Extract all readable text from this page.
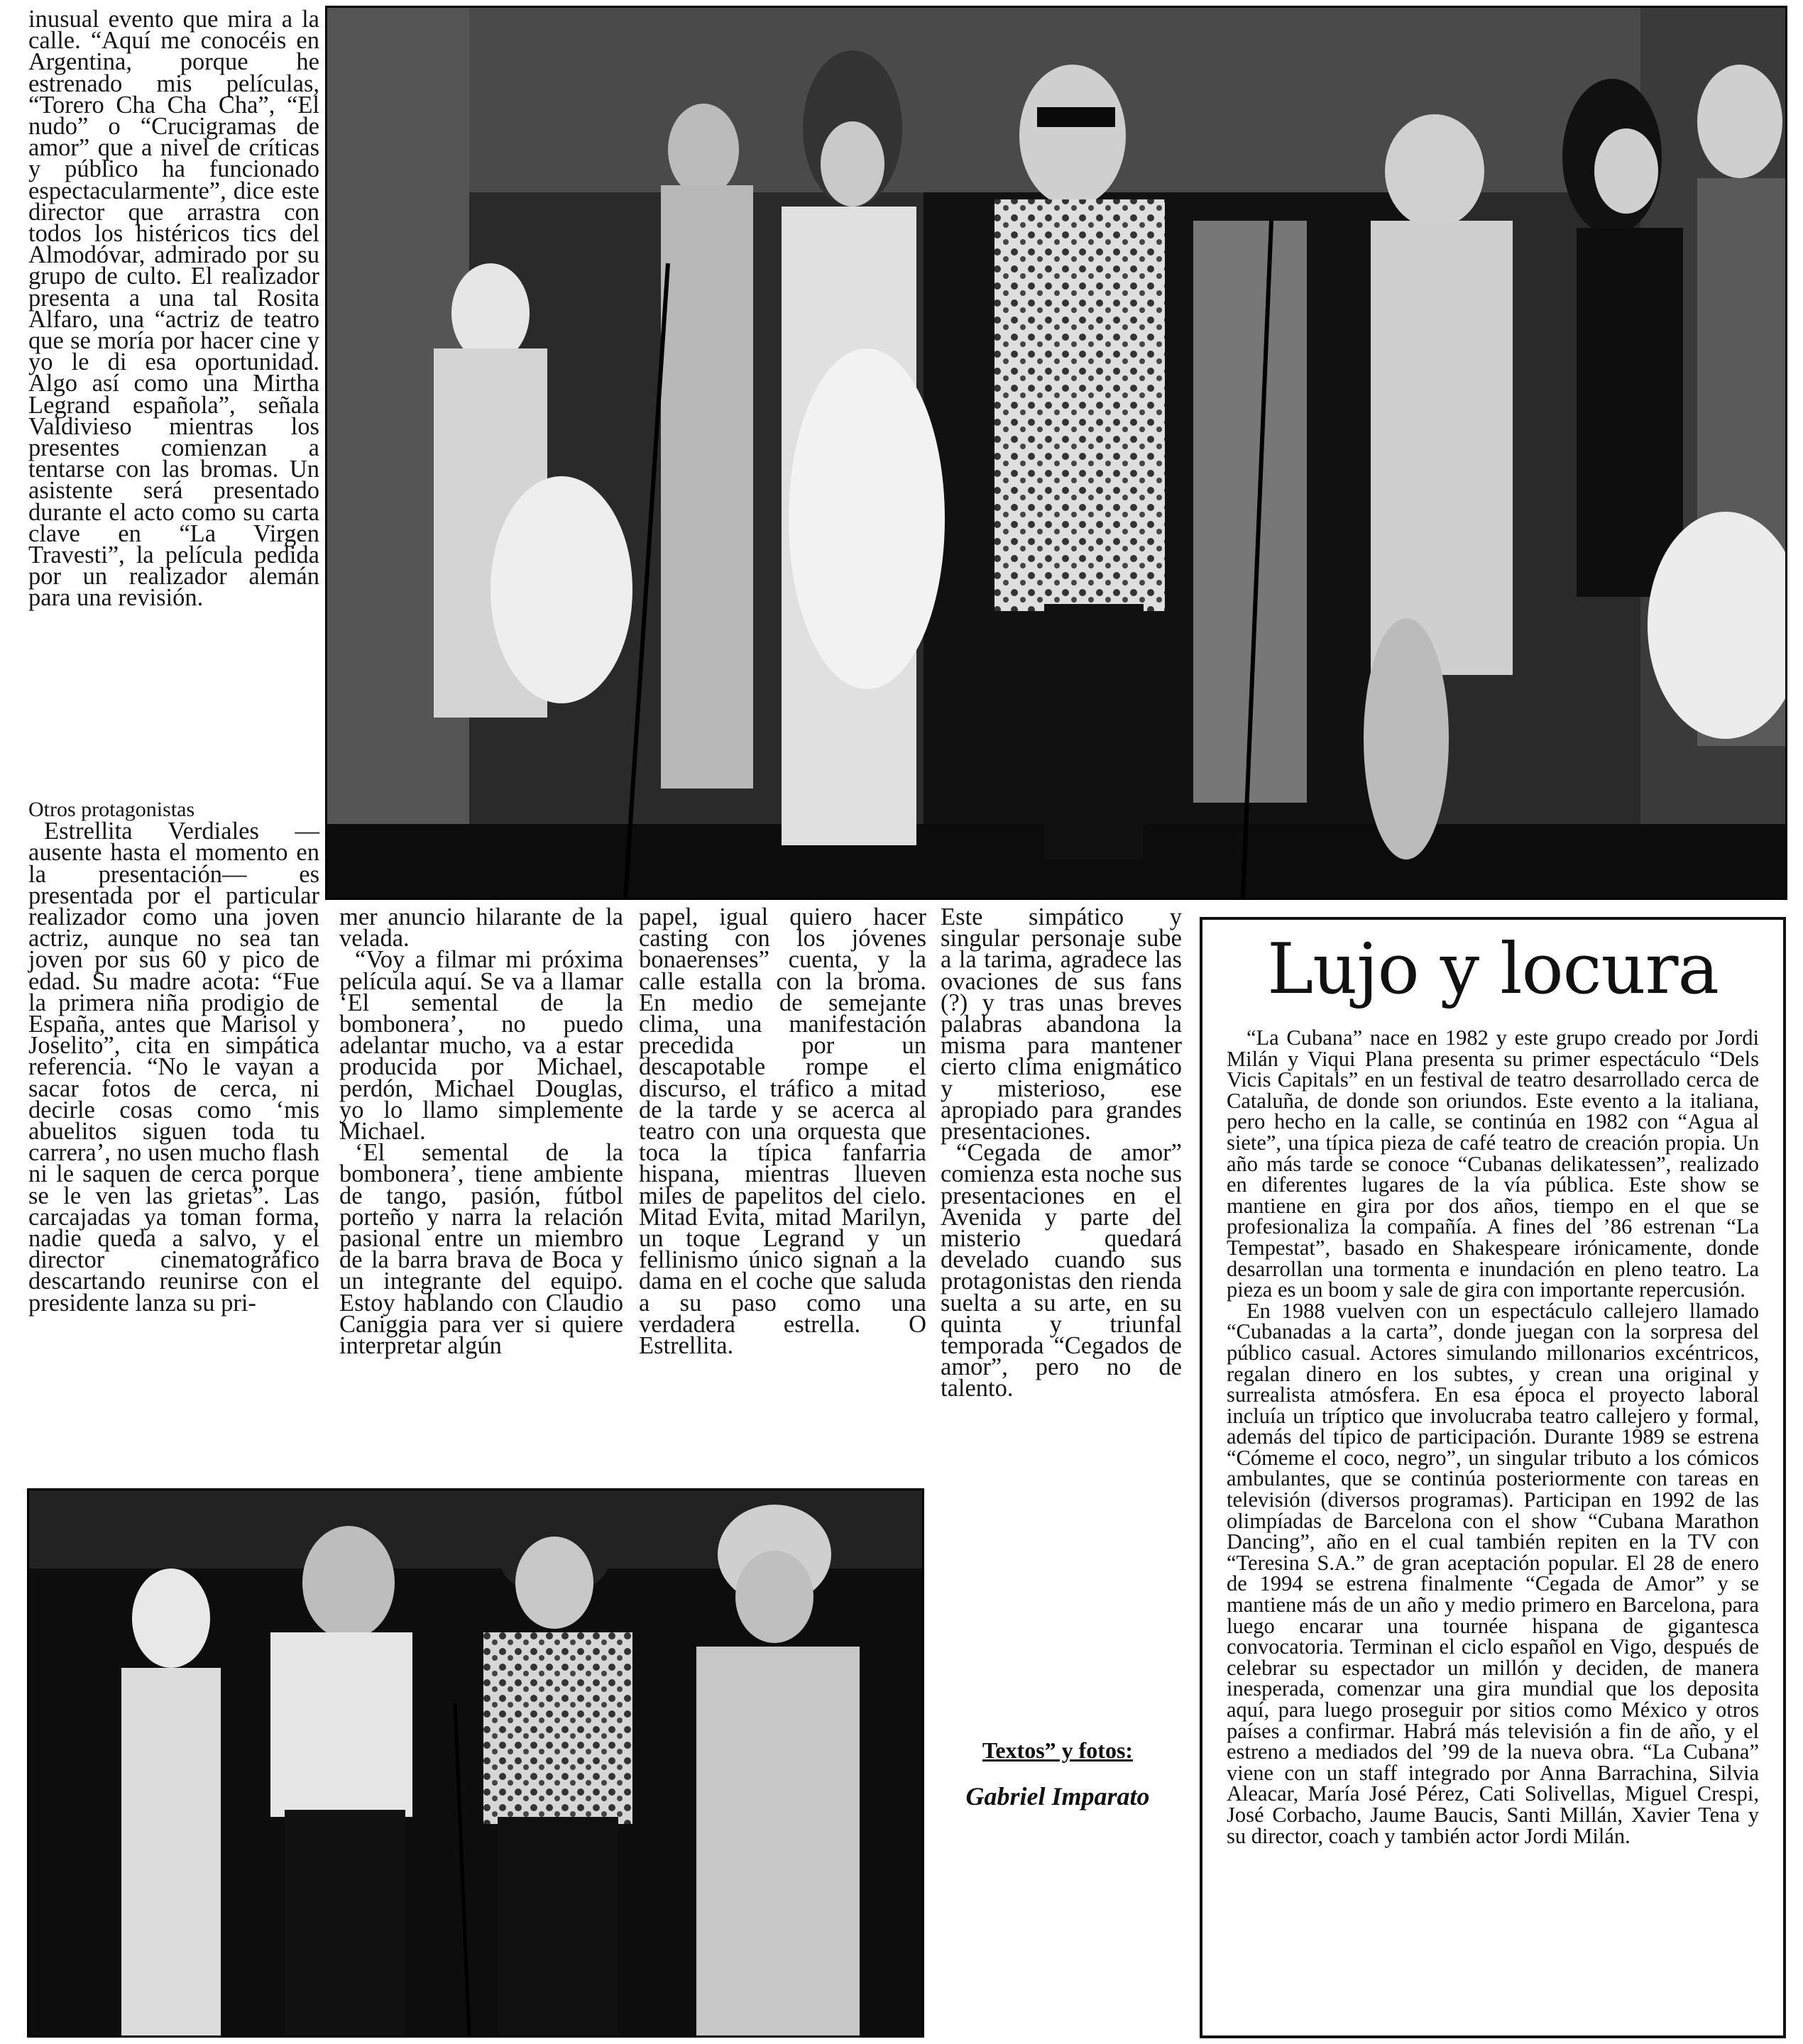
inusual evento que mira a la calle. “Aquí me conocéis en Argentina, porque he estrenado mis películas, “Torero Cha Cha Cha”, “El nudo” o “Crucigramas de amor” que a nivel de críticas y público ha funcionado espectacularmente”, dice este director que arrastra con todos los histéricos tics del Almodóvar, admirado por su grupo de culto. El realizador presenta a una tal Rosita Alfaro, una “actriz de teatro que se moría por hacer cine y yo le di esa oportunidad. Algo así como una Mirtha Legrand española”, señala Valdivieso mientras los presentes comienzan a tentarse con las bromas. Un asistente será presentado durante el acto como su carta clave en “La Virgen Travesti”, la película pedida por un realizador alemán para una revisión.

Otros protagonistas

Estrellita Verdiales —ausente hasta el momento en la presentación— es presentada por el particular realizador como una joven actriz, aunque no sea tan joven por sus 60 y pico de edad. Su madre acota: “Fue la primera niña prodigio de España, antes que Marisol y Joselito”, cita en simpática referencia. “No le vayan a sacar fotos de cerca, ni decirle cosas como ‘mis abuelitos siguen toda tu carrera’, no usen mucho flash ni le saquen de cerca porque se le ven las grietas”. Las carcajadas ya toman forma, nadie queda a salvo, y el director cinematográfico descartando reunirse con el presidente lanza su pri-

mer anuncio hilarante de la velada.

“Voy a filmar mi próxima película aquí. Se va a llamar ‘El semental de la bombonera’, no puedo adelantar mucho, va a estar producida por Michael, perdón, Michael Douglas, yo lo llamo simplemente Michael.

‘El semental de la bombonera’, tiene ambiente de tango, pasión, fútbol porteño y narra la relación pasional entre un miembro de la barra brava de Boca y un integrante del equipo. Estoy hablando con Claudio Caniggia para ver si quiere interpretar algún

papel, igual quiero hacer casting con los jóvenes bonaerenses” cuenta, y la calle estalla con la broma. En medio de semejante clima, una manifestación precedida por un descapotable rompe el discurso, el tráfico a mitad de la tarde y se acerca al teatro con una orquesta que toca la típica fanfarria hispana, mientras llueven miles de papelitos del cielo. Mitad Evita, mitad Marilyn, un toque Legrand y un fellinismo único signan a la dama en el coche que saluda a su paso como una verdadera estrella. O Estrellita.

Este simpático y singular personaje sube a la tarima, agradece las ovaciones de sus fans (?) y tras unas breves palabras abandona la misma para mantener cierto clima enigmático y misterioso, ese apropiado para grandes presentaciones.

“Cegada de amor” comienza esta noche sus presentaciones en el Avenida y parte del misterio quedará develado cuando sus protagonistas den rienda suelta a su arte, en su quinta y triunfal temporada “Cegados de amor”, pero no de talento.

Lujo y locura

“La Cubana” nace en 1982 y este grupo creado por Jordi Milán y Viqui Plana presenta su primer espectáculo “Dels Vicis Capitals” en un festival de teatro desarrollado cerca de Cataluña, de donde son oriundos. Este evento a la italiana, pero hecho en la calle, se continúa en 1982 con “Agua al siete”, una típica pieza de café teatro de creación propia. Un año más tarde se conoce “Cubanas delikatessen”, realizado en diferentes lugares de la vía pública. Este show se mantiene en gira por dos años, tiempo en el que se profesionaliza la compañía. A fines del ’86 estrenan “La Tempestat”, basado en Shakespeare irónicamente, donde desarrollan una tormenta e inundación en pleno teatro. La pieza es un boom y sale de gira con importante repercusión.

En 1988 vuelven con un espectáculo callejero llamado “Cubanadas a la carta”, donde juegan con la sorpresa del público casual. Actores simulando millonarios excéntricos, regalan dinero en los subtes, y crean una original y surrealista atmósfera. En esa época el proyecto laboral incluía un tríptico que involucraba teatro callejero y formal, además del típico de participación. Durante 1989 se estrena “Cómeme el coco, negro”, un singular tributo a los cómicos ambulantes, que se continúa posteriormente con tareas en televisión (diversos programas). Participan en 1992 de las olimpíadas de Barcelona con el show “Cubana Marathon Dancing”, año en el cual también repiten en la TV con “Teresina S.A.” de gran aceptación popular. El 28 de enero de 1994 se estrena finalmente “Cegada de Amor” y se mantiene más de un año y medio primero en Barcelona, para luego encarar una tournée hispana de gigantesca convocatoria. Terminan el ciclo español en Vigo, después de celebrar su espectador un millón y deciden, de manera inesperada, comenzar una gira mundial que los deposita aquí, para luego proseguir por sitios como México y otros países a confirmar. Habrá más televisión a fin de año, y el estreno a mediados del ’99 de la nueva obra. “La Cubana” viene con un staff integrado por Anna Barrachina, Silvia Aleacar, María José Pérez, Cati Solivellas, Miguel Crespi, José Corbacho, Jaume Baucis, Santi Millán, Xavier Tena y su director, coach y también actor Jordi Milán.

Textos” y fotos:
Gabriel Imparato
